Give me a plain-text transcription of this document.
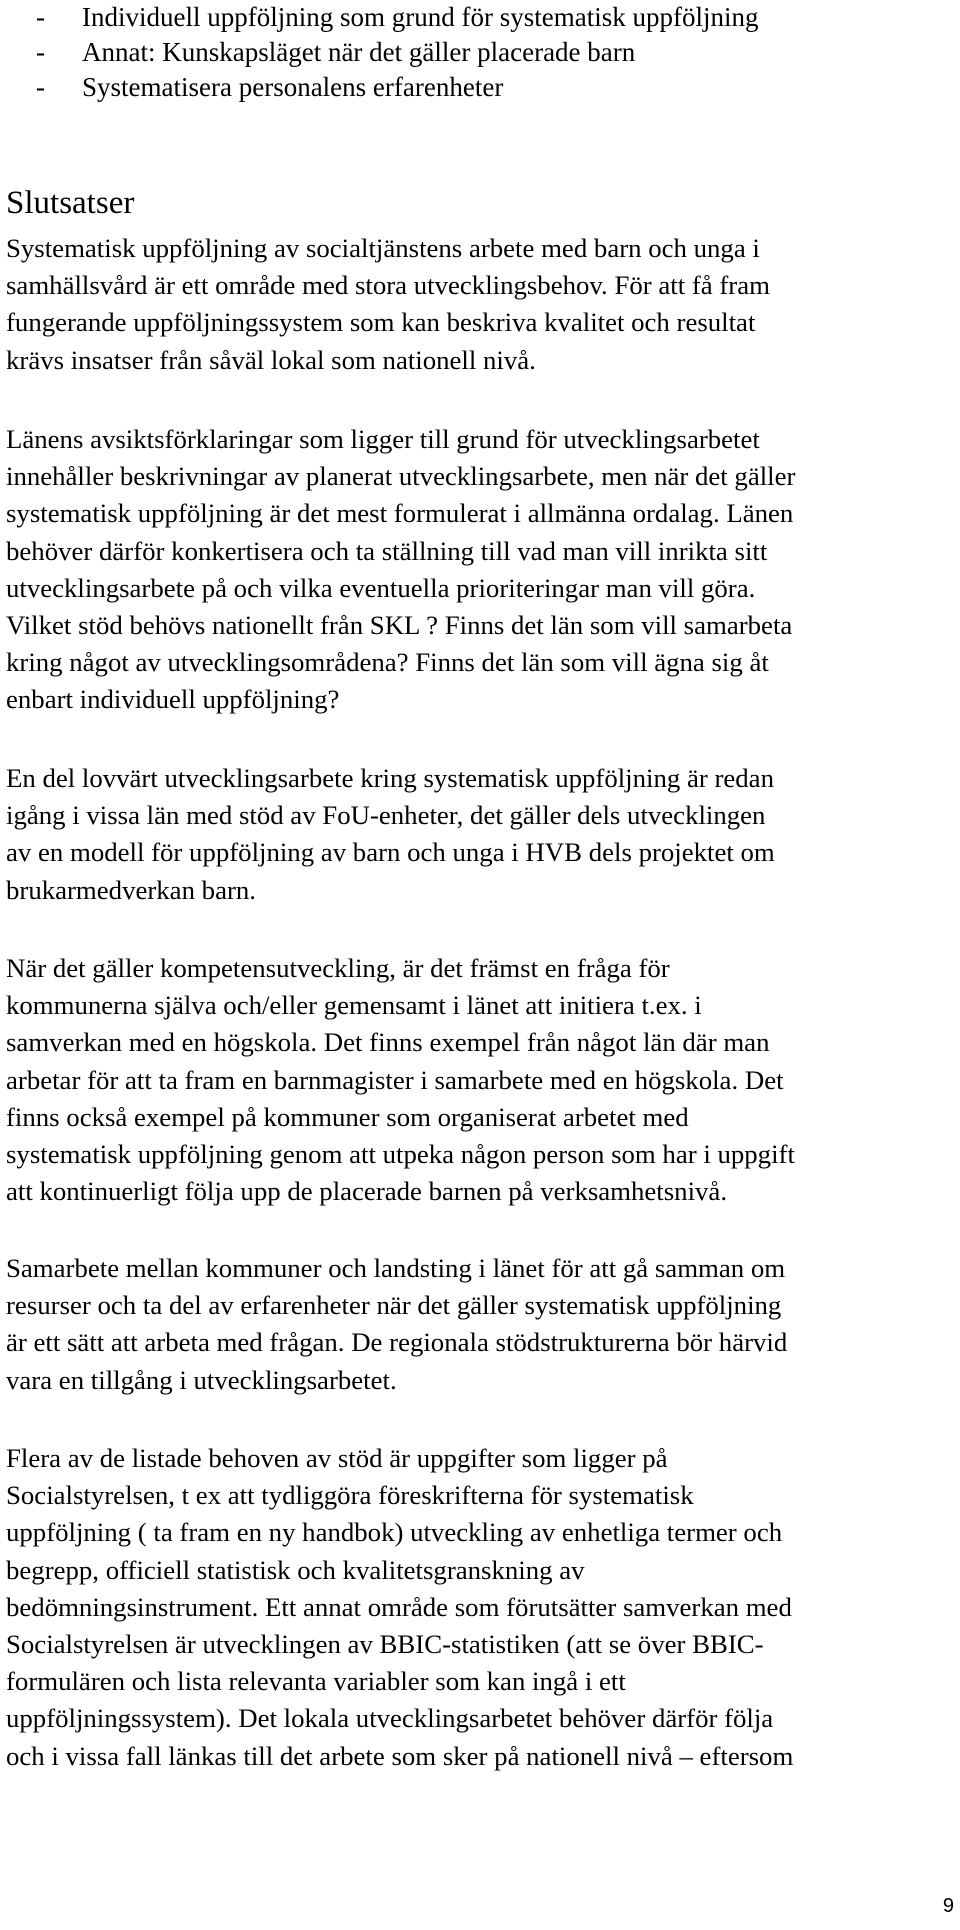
- Individuell uppföljning som grund för systematisk uppföljning
- Annat: Kunskapsläget när det gäller placerade barn
- Systematisera personalens erfarenheter
Slutsatser

Systematisk uppföljning av socialtjänstens arbete med barn och unga i
samhällsvård är ett område med stora utvecklingsbehov. För att få fram
fungerande uppföljningssystem som kan beskriva kvalitet och resultat
krävs insatser från såväl lokal som nationell nivå.

Länens avsiktsförklaringar som ligger till grund för utvecklingsarbetet
innehåller beskrivningar av planerat utvecklingsarbete, men när det gäller
systematisk uppföljning är det mest formulerat i allmänna ordalag. Länen
behöver därför konkertisera och ta ställning till vad man vill inrikta sitt
utvecklingsarbete på och vilka eventuella prioriteringar man vill göra.
Vilket stöd behövs nationellt från SKL ? Finns det län som vill samarbeta
kring något av utvecklingsområdena? Finns det län som vill ägna sig åt
enbart individuell uppföljning?

En del lovvärt utvecklingsarbete kring systematisk uppföljning är redan
igång i vissa län med stöd av FoU-enheter, det gäller dels utvecklingen
av en modell för uppföljning av barn och unga i HVB dels projektet om
brukarmedverkan barn.

När det gäller kompetensutveckling, är det främst en fråga för
kommunerna själva och/eller gemensamt i länet att initiera t.ex. i
samverkan med en högskola. Det finns exempel från något län där man
arbetar för att ta fram en barnmagister i samarbete med en högskola. Det
finns också exempel på kommuner som organiserat arbetet med
systematisk uppföljning genom att utpeka någon person som har i uppgift
att kontinuerligt följa upp de placerade barnen på verksamhetsnivå.

Samarbete mellan kommuner och landsting i länet för att gå samman om
resurser och ta del av erfarenheter när det gäller systematisk uppföljning
är ett sätt att arbeta med frågan. De regionala stödstrukturerna bör härvid
vara en tillgång i utvecklingsarbetet.

Flera av de listade behoven av stöd är uppgifter som ligger på
Socialstyrelsen, t ex att tydliggöra föreskrifterna för systematisk
uppföljning ( ta fram en ny handbok) utveckling av enhetliga termer och
begrepp, officiell statistisk och kvalitetsgranskning av
bedömningsinstrument. Ett annat område som förutsätter samverkan med
Socialstyrelsen är utvecklingen av BBIC-statistiken (att se över BBIC-
formulären och lista relevanta variabler som kan ingå i ett
uppföljningssystem). Det lokala utvecklingsarbetet behöver därför följa
och i vissa fall länkas till det arbete som sker på nationell nivå – eftersom

9
